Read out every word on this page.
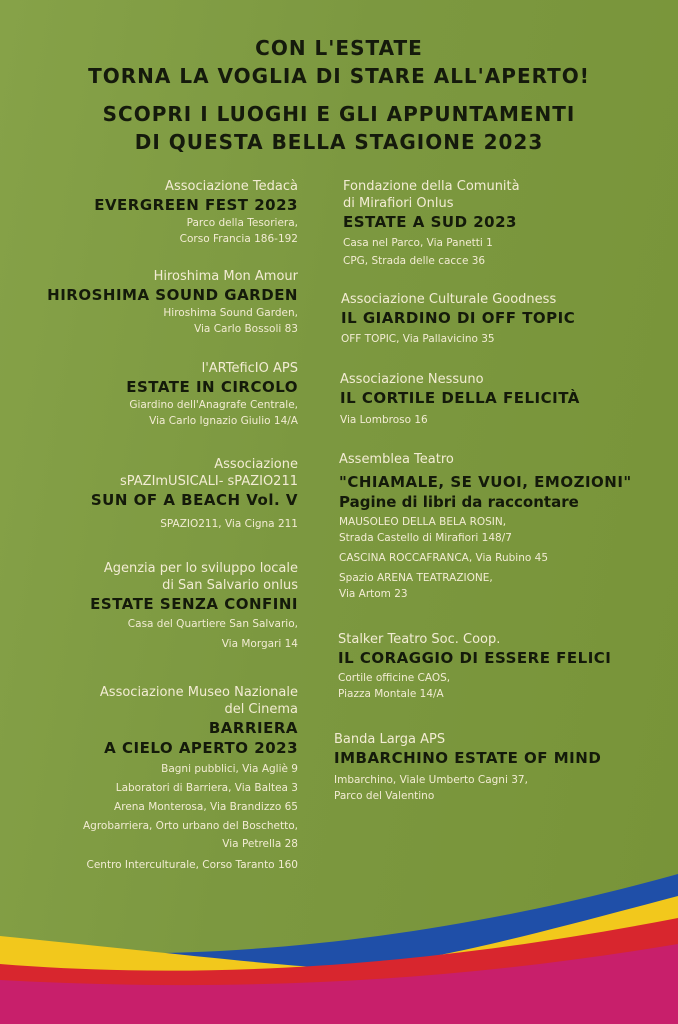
CON L'ESTATE
TORNA LA VOGLIA DI STARE ALL'APERTO!
SCOPRI I LUOGHI E GLI APPUNTAMENTI
DI QUESTA BELLA STAGIONE 2023
Associazione Tedacà
EVERGREEN FEST 2023
Parco della Tesoriera,
Corso Francia 186-192
Hiroshima Mon Amour
HIROSHIMA SOUND GARDEN
Hiroshima Sound Garden,
Via Carlo Bossoli 83
l'ARTeficIO APS
ESTATE IN CIRCOLO
Giardino dell'Anagrafe Centrale,
Via Carlo Ignazio Giulio 14/A
Associazione
sPAZImUSICALI- sPAZIO211
SUN OF A BEACH Vol. V
SPAZIO211, Via Cigna 211
Agenzia per lo sviluppo locale
di San Salvario onlus
ESTATE SENZA CONFINI
Casa del Quartiere San Salvario,
Via Morgari 14
Associazione Museo Nazionale
del Cinema
BARRIERA
A CIELO APERTO 2023
Bagni pubblici, Via Agliè 9
Laboratori di Barriera, Via Baltea 3
Arena Monterosa, Via Brandizzo 65
Agrobarriera, Orto urbano del Boschetto,
Via Petrella 28
Centro Interculturale, Corso Taranto 160
Fondazione della Comunità
di Mirafiori Onlus
ESTATE A SUD 2023
Casa nel Parco, Via Panetti 1
CPG, Strada delle cacce 36
Associazione Culturale Goodness
IL GIARDINO DI OFF TOPIC
OFF TOPIC, Via Pallavicino 35
Associazione Nessuno
IL CORTILE DELLA FELICITÀ
Via Lombroso 16
Assemblea Teatro
"CHIAMALE, SE VUOI, EMOZIONI"
Pagine di libri da raccontare
MAUSOLEO DELLA BELA ROSIN,
Strada Castello di Mirafiori 148/7
CASCINA ROCCAFRANCA, Via Rubino 45
Spazio ARENA TEATRAZIONE,
Via Artom 23
Stalker Teatro Soc. Coop.
IL CORAGGIO DI ESSERE FELICI
Cortile officine CAOS,
Piazza Montale 14/A
Banda Larga APS
IMBARCHINO ESTATE OF MIND
Imbarchino, Viale Umberto Cagni 37,
Parco del Valentino
